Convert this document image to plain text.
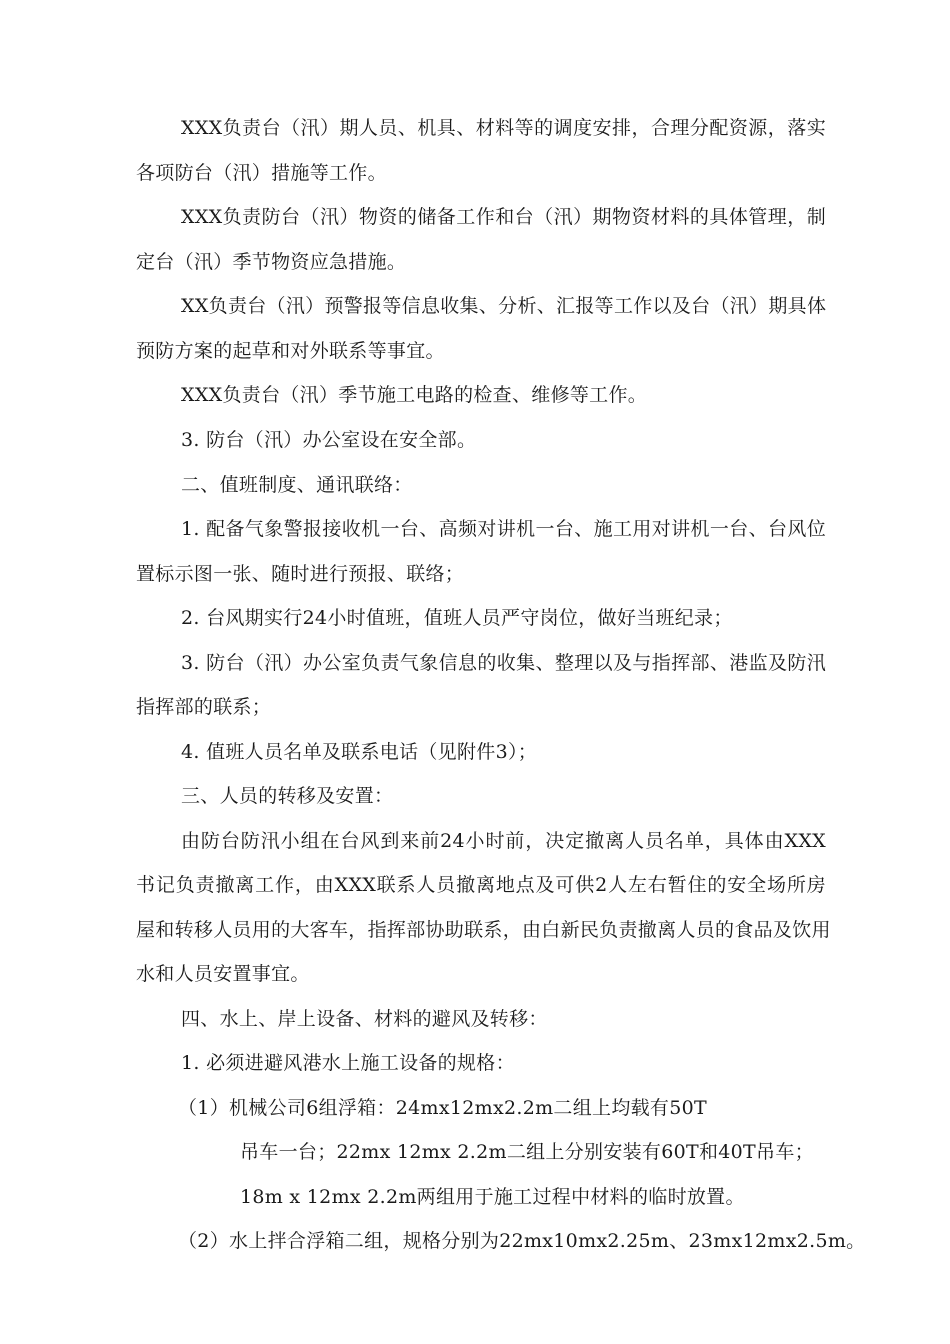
XXX负责台（汛）期人员、机具、材料等的调度安排，合理分配资源，落实
各项防台（汛）措施等工作。
XXX负责防台（汛）物资的储备工作和台（汛）期物资材料的具体管理，制
定台（汛）季节物资应急措施。
XX负责台（汛）预警报等信息收集、分析、汇报等工作以及台（汛）期具体
预防方案的起草和对外联系等事宜。
XXX负责台（汛）季节施工电路的检查、维修等工作。
3. 防台（汛）办公室设在安全部。
二、值班制度、通讯联络：
1. 配备气象警报接收机一台、高频对讲机一台、施工用对讲机一台、台风位
置标示图一张、随时进行预报、联络；
2. 台风期实行24小时值班，值班人员严守岗位，做好当班纪录；
3. 防台（汛）办公室负责气象信息的收集、整理以及与指挥部、港监及防汛
指挥部的联系；
4. 值班人员名单及联系电话（见附件3）；
三、人员的转移及安置：
由防台防汛小组在台风到来前24小时前，决定撤离人员名单，具体由XXX
书记负责撤离工作，由XXX联系人员撤离地点及可供2人左右暂住的安全场所房
屋和转移人员用的大客车，指挥部协助联系，由白新民负责撤离人员的食品及饮用
水和人员安置事宜。
四、水上、岸上设备、材料的避风及转移：
1. 必须进避风港水上施工设备的规格：
（1）机械公司6组浮箱：24mx12mx2.2m二组上均载有50T
吊车一台；22mx 12mx 2.2m二组上分别安装有60T和40T吊车；
18m x 12mx 2.2m两组用于施工过程中材料的临时放置。
（2）水上拌合浮箱二组，规格分别为22mx10mx2.25m、23mx12mx2.5m。
